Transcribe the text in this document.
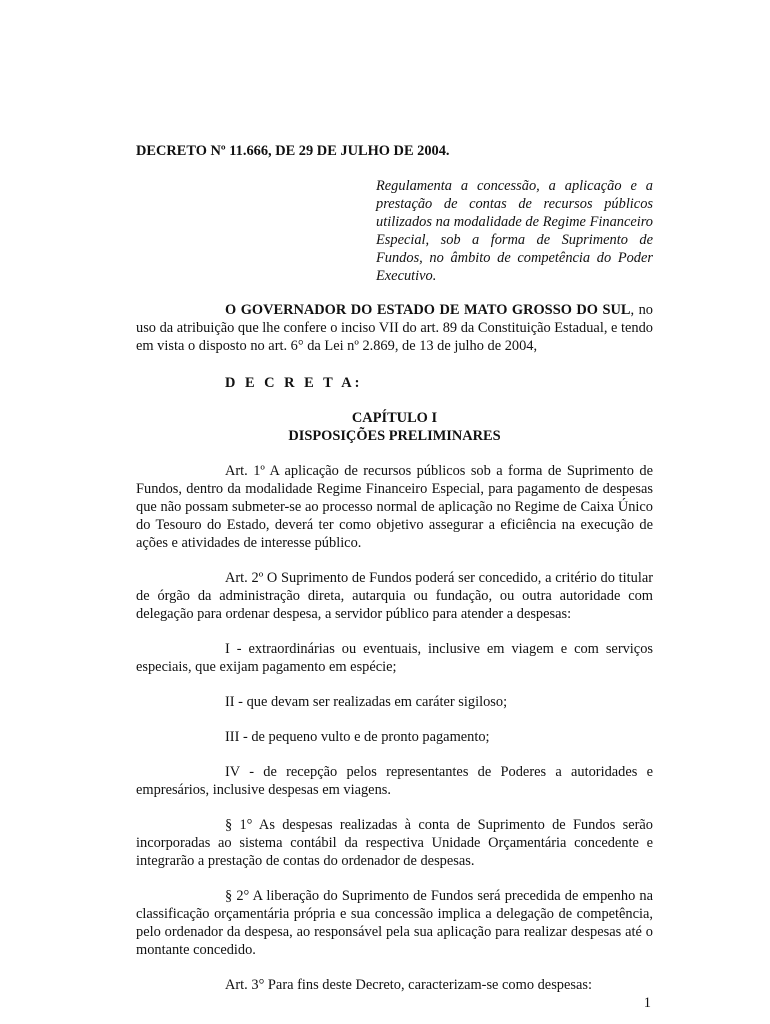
DECRETO Nº 11.666, DE 29 DE JULHO DE 2004.
Regulamenta a concessão, a aplicação e a prestação de contas de recursos públicos utilizados na modalidade de Regime Financeiro Especial, sob a forma de Suprimento de Fundos, no âmbito de competência do Poder Executivo.

O GOVERNADOR DO ESTADO DE MATO GROSSO DO SUL, no uso da atribuição que lhe confere o inciso VII do art. 89 da Constituição Estadual, e tendo em vista o disposto no art. 6° da Lei nº 2.869, de 13 de julho de 2004,

D E C R E T A:
CAPÍTULO I
DISPOSIÇÕES PRELIMINARES

Art. 1º A aplicação de recursos públicos sob a forma de Suprimento de Fundos, dentro da modalidade Regime Financeiro Especial, para pagamento de despesas que não possam submeter-se ao processo normal de aplicação no Regime de Caixa Único do Tesouro do Estado, deverá ter como objetivo assegurar a eficiência na execução de ações e atividades de interesse público.

Art. 2º O Suprimento de Fundos poderá ser concedido, a critério do titular de órgão da administração direta, autarquia ou fundação, ou outra autoridade com delegação para ordenar despesa, a servidor público para atender a despesas:

I - extraordinárias ou eventuais, inclusive em viagem e com serviços especiais, que exijam pagamento em espécie;

II - que devam ser realizadas em caráter sigiloso;

III - de pequeno vulto e de pronto pagamento;

IV - de recepção pelos representantes de Poderes a autoridades e empresários, inclusive despesas em viagens.

§ 1° As despesas realizadas à conta de Suprimento de Fundos serão incorporadas ao sistema contábil da respectiva Unidade Orçamentária concedente e integrarão a prestação de contas do ordenador de despesas.

§ 2° A liberação do Suprimento de Fundos será precedida de empenho na classificação orçamentária própria e sua concessão implica a delegação de competência, pelo ordenador da despesa, ao responsável pela sua aplicação para realizar despesas até o montante concedido.

Art. 3° Para fins deste Decreto, caracterizam-se como despesas:

1
